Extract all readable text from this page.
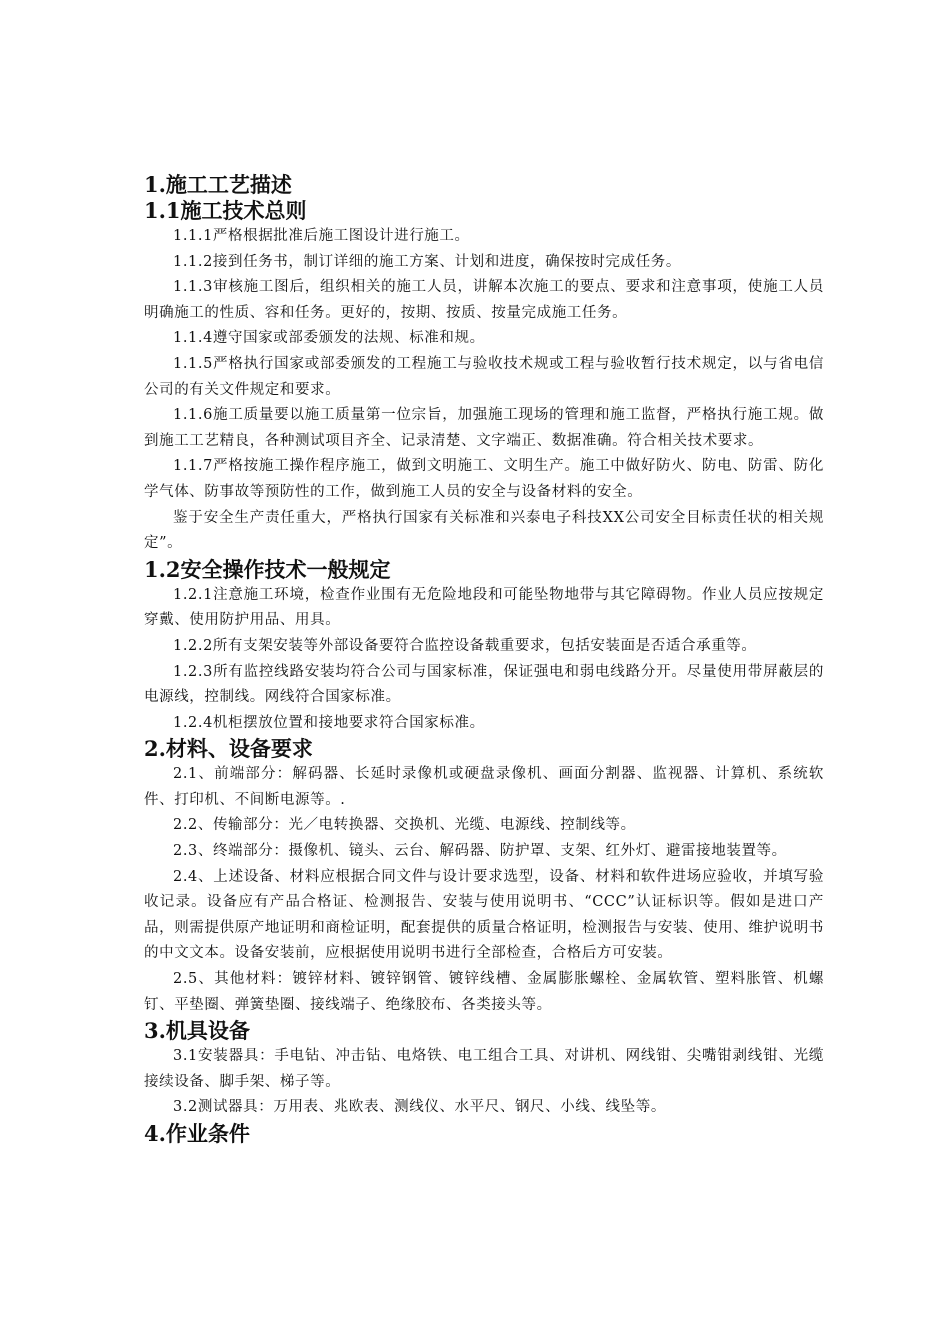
1.施工工艺描述
1.1施工技术总则

1.1.1严格根据批准后施工图设计进行施工。

1.1.2接到任务书，制订详细的施工方案、计划和进度，确保按时完成任务。

1.1.3审核施工图后，组织相关的施工人员，讲解本次施工的要点、要求和注意事项，使施工人员明确施工的性质、容和任务。更好的，按期、按质、按量完成施工任务。

1.1.4遵守国家或部委颁发的法规、标准和规。

1.1.5严格执行国家或部委颁发的工程施工与验收技术规或工程与验收暂行技术规定，以与省电信公司的有关文件规定和要求。

1.1.6施工质量要以施工质量第一位宗旨，加强施工现场的管理和施工监督，严格执行施工规。做到施工工艺精良，各种测试项目齐全、记录清楚、文字端正、数据准确。符合相关技术要求。

1.1.7严格按施工操作程序施工，做到文明施工、文明生产。施工中做好防火、防电、防雷、防化学气体、防事故等预防性的工作，做到施工人员的安全与设备材料的安全。

鉴于安全生产责任重大，严格执行国家有关标准和兴泰电子科技XX公司安全目标责任状的相关规定”。

1.2安全操作技术一般规定

1.2.1注意施工环境，检查作业围有无危险地段和可能坠物地带与其它障碍物。作业人员应按规定穿戴、使用防护用品、用具。

1.2.2所有支架安装等外部设备要符合监控设备载重要求，包括安装面是否适合承重等。

1.2.3所有监控线路安装均符合公司与国家标准，保证强电和弱电线路分开。尽量使用带屏蔽层的电源线，控制线。网线符合国家标准。

1.2.4机柜摆放位置和接地要求符合国家标准。

2.材料、设备要求

2.1、前端部分：解码器、长延时录像机或硬盘录像机、画面分割器、监视器、计算机、系统软件、打印机、不间断电源等。.

2.2、传输部分：光／电转换器、交换机、光缆、电源线、控制线等。

2.3、终端部分：摄像机、镜头、云台、解码器、防护罩、支架、红外灯、避雷接地装置等。

2.4、上述设备、材料应根据合同文件与设计要求选型，设备、材料和软件进场应验收，并填写验收记录。设备应有产品合格证、检测报告、安装与使用说明书、“CCC”认证标识等。假如是进口产品，则需提供原产地证明和商检证明，配套提供的质量合格证明，检测报告与安装、使用、维护说明书的中文文本。设备安装前，应根据使用说明书进行全部检查，合格后方可安装。

2.5、其他材料：镀锌材料、镀锌钢管、镀锌线槽、金属膨胀螺栓、金属软管、塑料胀管、机螺钉、平垫圈、弹簧垫圈、接线端子、绝缘胶布、各类接头等。

3.机具设备

3.1安装器具：手电钻、冲击钻、电烙铁、电工组合工具、对讲机、网线钳、尖嘴钳剥线钳、光缆接续设备、脚手架、梯子等。

3.2测试器具：万用表、兆欧表、测线仪、水平尺、钢尺、小线、线坠等。

4.作业条件
